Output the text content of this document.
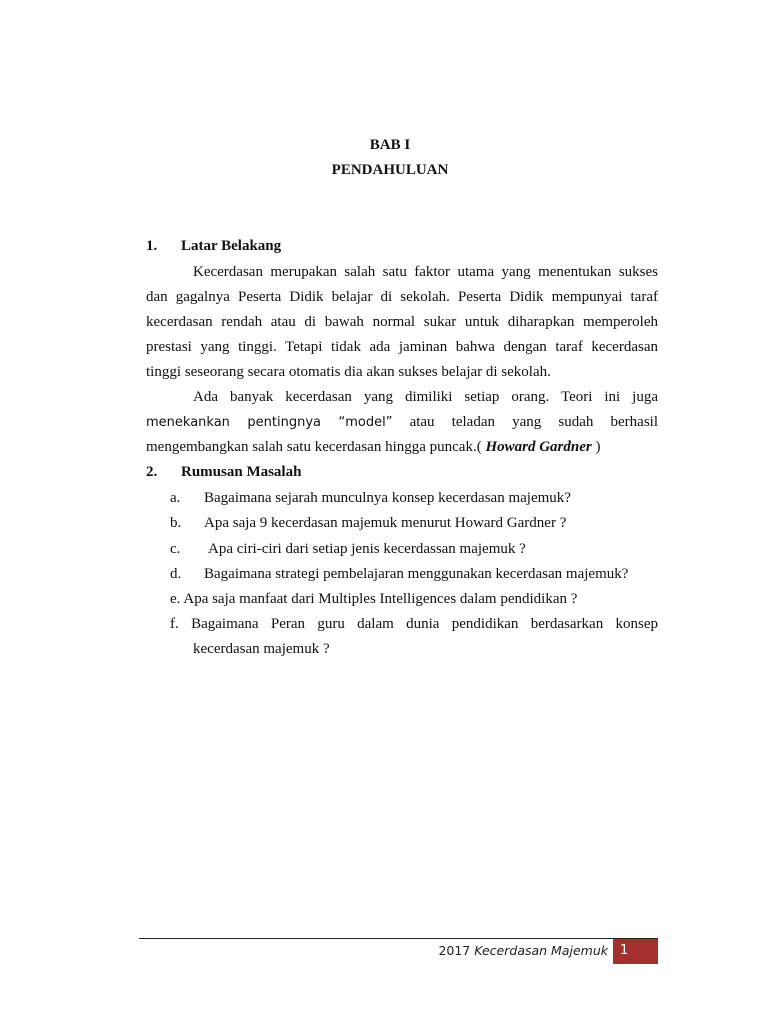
BAB I
PENDAHULUAN
1. Latar Belakang
Kecerdasan merupakan salah satu faktor utama yang menentukan sukses
dan gagalnya Peserta Didik belajar di sekolah. Peserta Didik mempunyai taraf
kecerdasan rendah atau di bawah normal sukar untuk diharapkan memperoleh
prestasi yang tinggi. Tetapi tidak ada jaminan bahwa dengan taraf kecerdasan
tinggi seseorang secara otomatis dia akan sukses belajar di sekolah.
Ada banyak kecerdasan yang dimiliki setiap orang. Teori ini juga
menekankan pentingnya “model” atau teladan yang sudah berhasil
mengembangkan salah satu kecerdasan hingga puncak.( Howard Gardner )
2. Rumusan Masalah
a. Bagaimana sejarah munculnya konsep kecerdasan majemuk?
b. Apa saja 9 kecerdasan majemuk menurut Howard Gardner ?
c. Apa ciri-ciri dari setiap jenis kecerdassan majemuk ?
d. Bagaimana strategi pembelajaran menggunakan kecerdasan majemuk?
e. Apa saja manfaat dari Multiples Intelligences dalam pendidikan ?
f. Bagaimana Peran guru dalam dunia pendidikan berdasarkan konsep
kecerdasan majemuk ?
2017 Kecerdasan Majemuk 1
